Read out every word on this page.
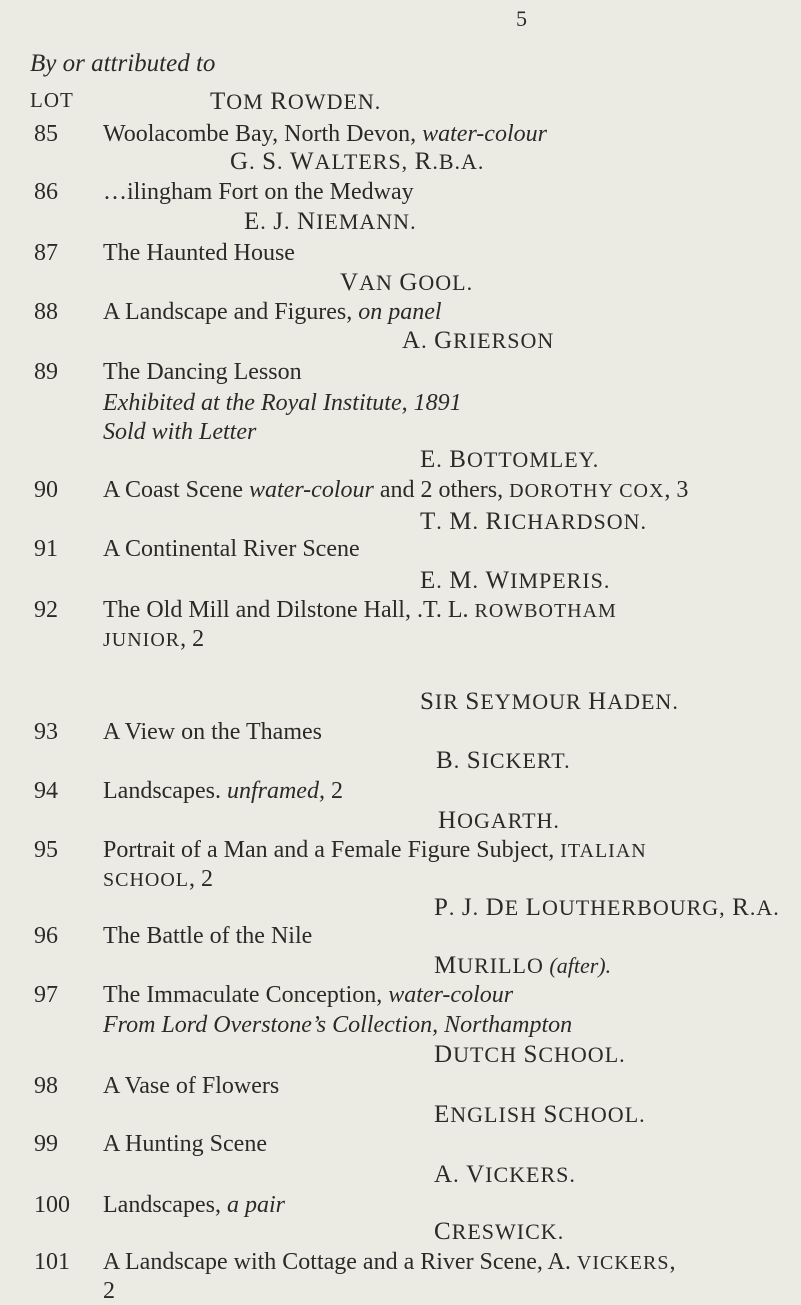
5
By or attributed to
LOT	TOM ROWDEN.
85 Woolacombe Bay, North Devon, water-colour
G. S. WALTERS, R.B.A.
86 …ilingham Fort on the Medway
E. J. NIEMANN.
87 The Haunted House
VAN GOOL.
88 A Landscape and Figures, on panel
A. GRIERSON
89 The Dancing Lesson
Exhibited at the Royal Institute, 1891
Sold with Letter
E. BOTTOMLEY.
90 A Coast Scene water-colour and 2 others, DOROTHY COX, 3
T. M. RICHARDSON.
91 A Continental River Scene
E. M. WIMPERIS.
92 The Old Mill and Dilstone Hall, .T. L. ROWBOTHAM
JUNIOR, 2
SIR SEYMOUR HADEN.
93 A View on the Thames
B. SICKERT.
94 Landscapes. unframed, 2
HOGARTH.
95 Portrait of a Man and a Female Figure Subject, ITALIAN
SCHOOL, 2
P. J. DE LOUTHERBOURG, R.A.
96 The Battle of the Nile
MURILLO (after).
97 The Immaculate Conception, water-colour
From Lord Overstone’s Collection, Northampton
DUTCH SCHOOL.
98 A Vase of Flowers
ENGLISH SCHOOL.
99 A Hunting Scene
A. VICKERS.
100 Landscapes, a pair
CRESWICK.
101 A Landscape with Cottage and a River Scene, A. VICKERS,
2
